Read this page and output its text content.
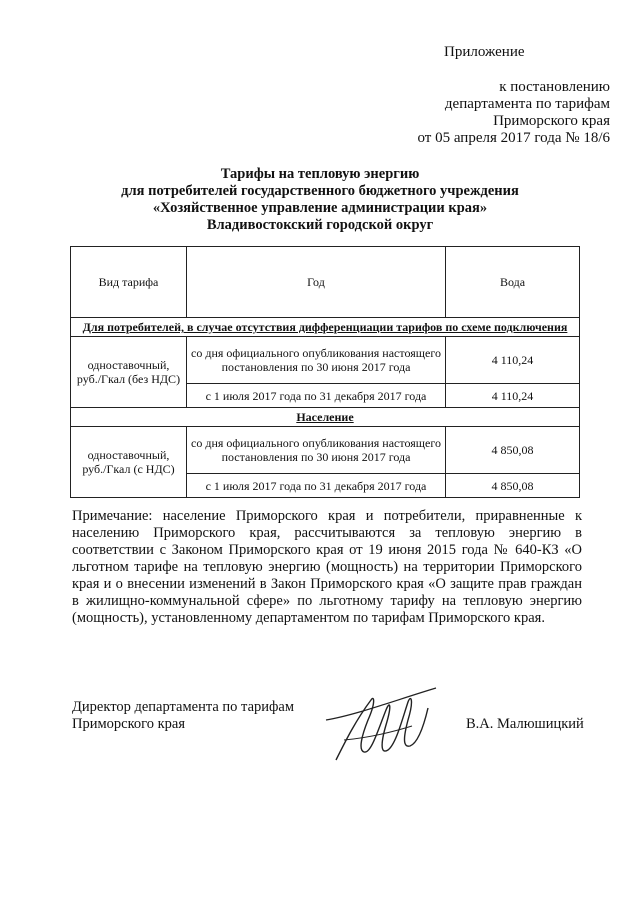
Приложение
к постановлению
департамента по тарифам
Приморского края
от 05 апреля 2017 года № 18/6
Тарифы на тепловую энергию
для потребителей государственного бюджетного учреждения
«Хозяйственное управление администрации края»
Владивостокский городской округ
Вид тарифа	Год	Вода
Для потребителей, в случае отсутствия дифференциации тарифов по схеме подключения		
одноставочный, руб./Гкал (без НДС)	со дня официального опубликования настоящего постановления по 30 июня 2017 года	4 110,24
	с 1 июля 2017 года по 31 декабря 2017 года	4 110,24
Население		
одноставочный, руб./Гкал (с НДС)	со дня официального опубликования настоящего постановления по 30 июня 2017 года	4 850,08
	с 1 июля 2017 года по 31 декабря 2017 года	4 850,08
Примечание: население Приморского края и потребители, приравненные к населению Приморского края, рассчитываются за тепловую энергию в соответствии с Законом Приморского края от 19 июня 2015 года № 640-КЗ «О льготном тарифе на тепловую энергию (мощность) на территории Приморского края и о внесении изменений в Закон Приморского края «О защите прав граждан в жилищно-коммунальной сфере» по льготному тарифу на тепловую энергию (мощность), установленному департаментом по тарифам Приморского края.
Директор департамента по тарифам
Приморского края	В.А. Малюшицкий
